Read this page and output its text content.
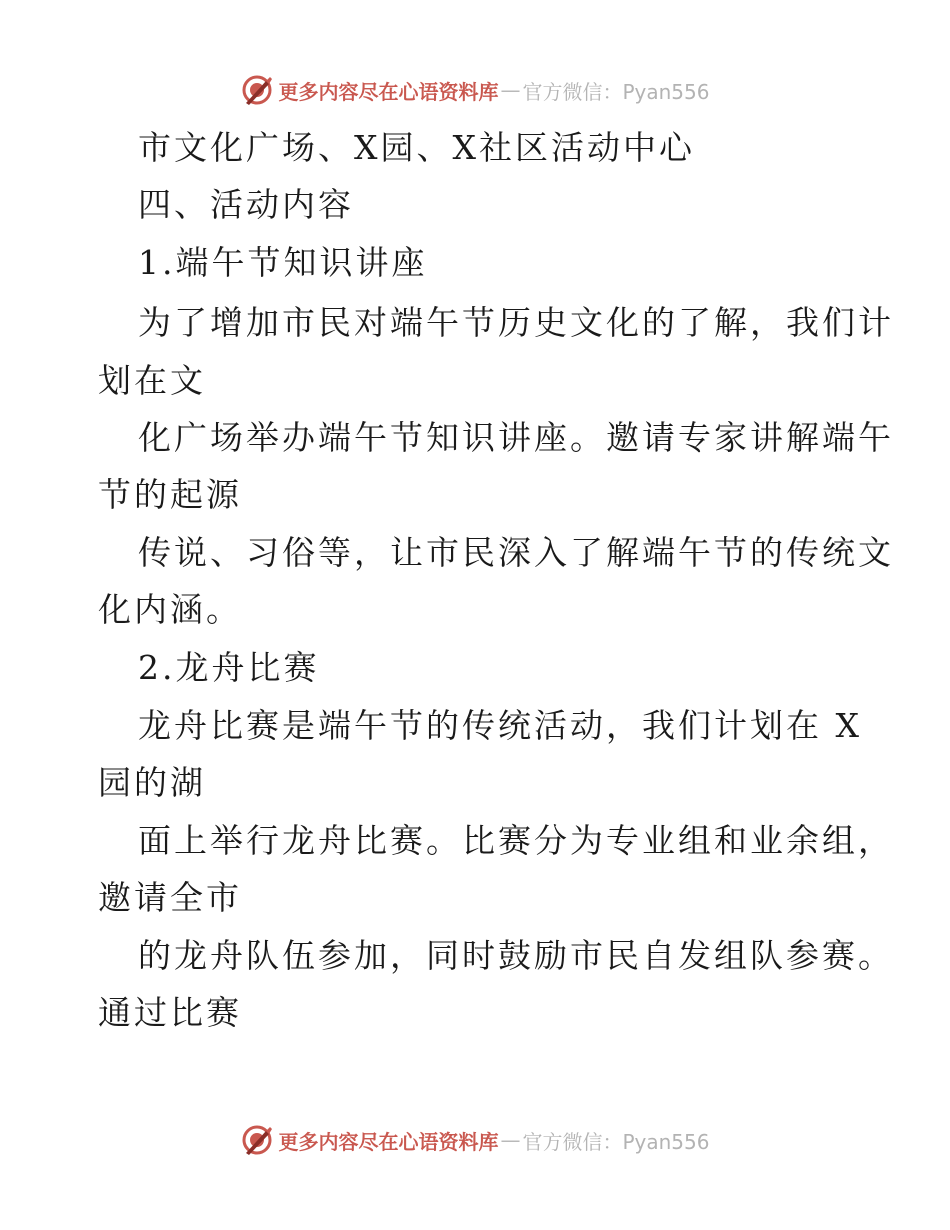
更多内容尽在心语资料库 — 官方微信：Pyan556
市文化广场、X园、X社区活动中心
四、活动内容
1.端午节知识讲座
为了增加市民对端午节历史文化的了解，我们计
划在文
化广场举办端午节知识讲座。邀请专家讲解端午
节的起源
传说、习俗等，让市民深入了解端午节的传统文
化内涵。
2.龙舟比赛
龙舟比赛是端午节的传统活动，我们计划在 X
园的湖
面上举行龙舟比赛。比赛分为专业组和业余组，
邀请全市
的龙舟队伍参加，同时鼓励市民自发组队参赛。
通过比赛
更多内容尽在心语资料库 — 官方微信：Pyan556
